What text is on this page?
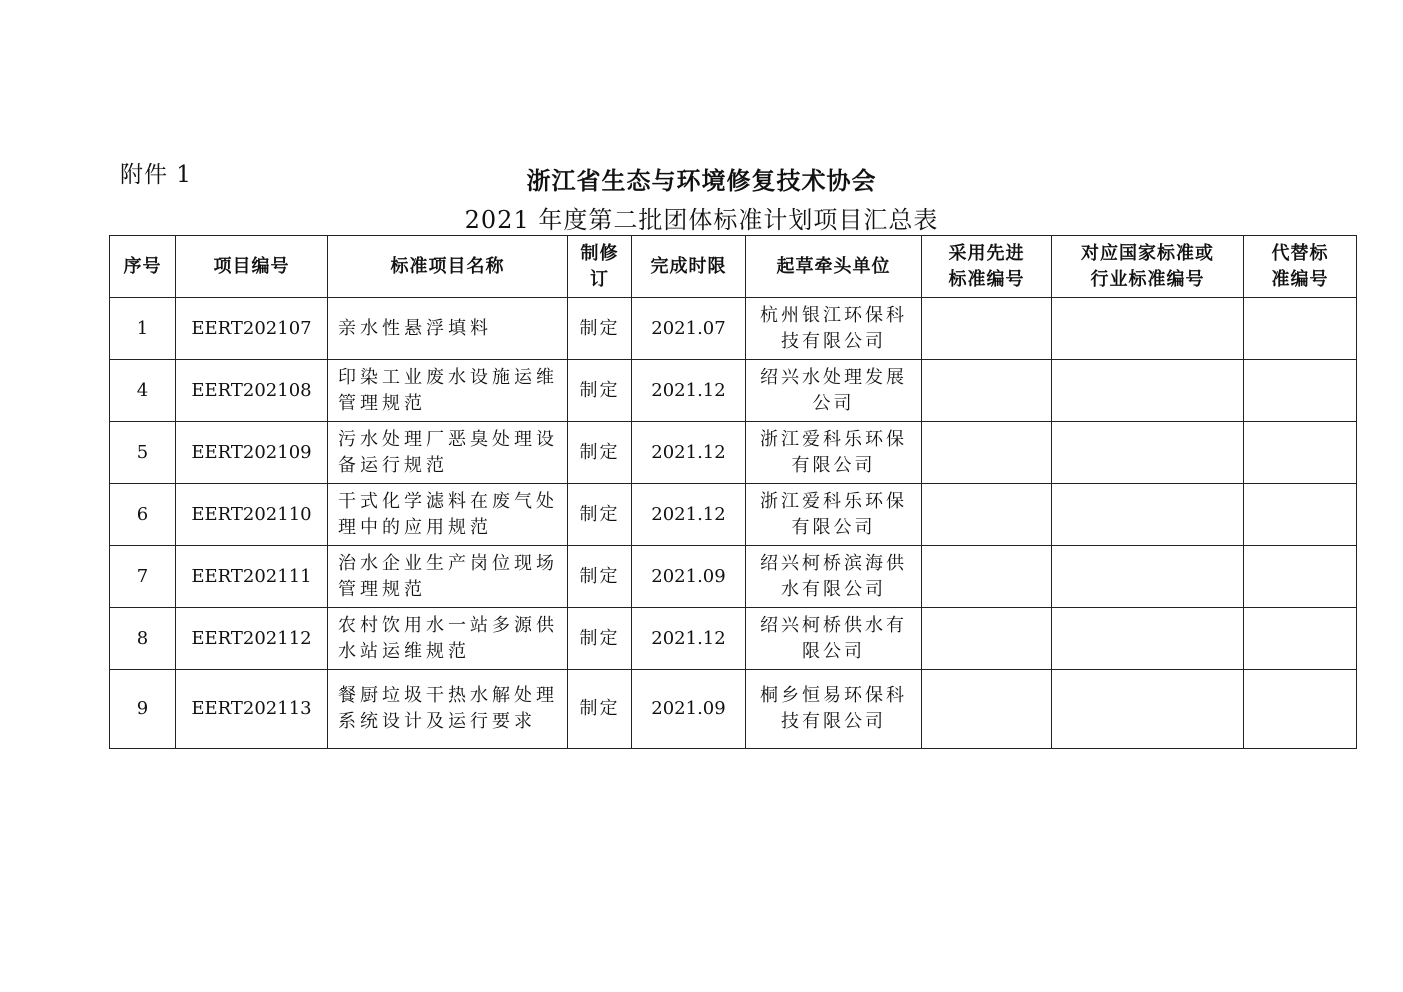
附件 1	浙江省生态与环境修复技术协会
2021 年度第二批团体标准计划项目汇总表
序号	项目编号	标准项目名称	制修订	完成时限	起草牵头单位	采用先进标准编号	对应国家标准或行业标准编号	代替标准编号
1	EERT202107	亲水性悬浮填料	制定	2021.07	杭州银江环保科技有限公司			
4	EERT202108	印染工业废水设施运维管理规范	制定	2021.12	绍兴水处理发展公司			
5	EERT202109	污水处理厂恶臭处理设备运行规范	制定	2021.12	浙江爱科乐环保有限公司			
6	EERT202110	干式化学滤料在废气处理中的应用规范	制定	2021.12	浙江爱科乐环保有限公司			
7	EERT202111	治水企业生产岗位现场管理规范	制定	2021.09	绍兴柯桥滨海供水有限公司			
8	EERT202112	农村饮用水一站多源供水站运维规范	制定	2021.12	绍兴柯桥供水有限公司			
9	EERT202113	餐厨垃圾干热水解处理系统设计及运行要求	制定	2021.09	桐乡恒易环保科技有限公司			
